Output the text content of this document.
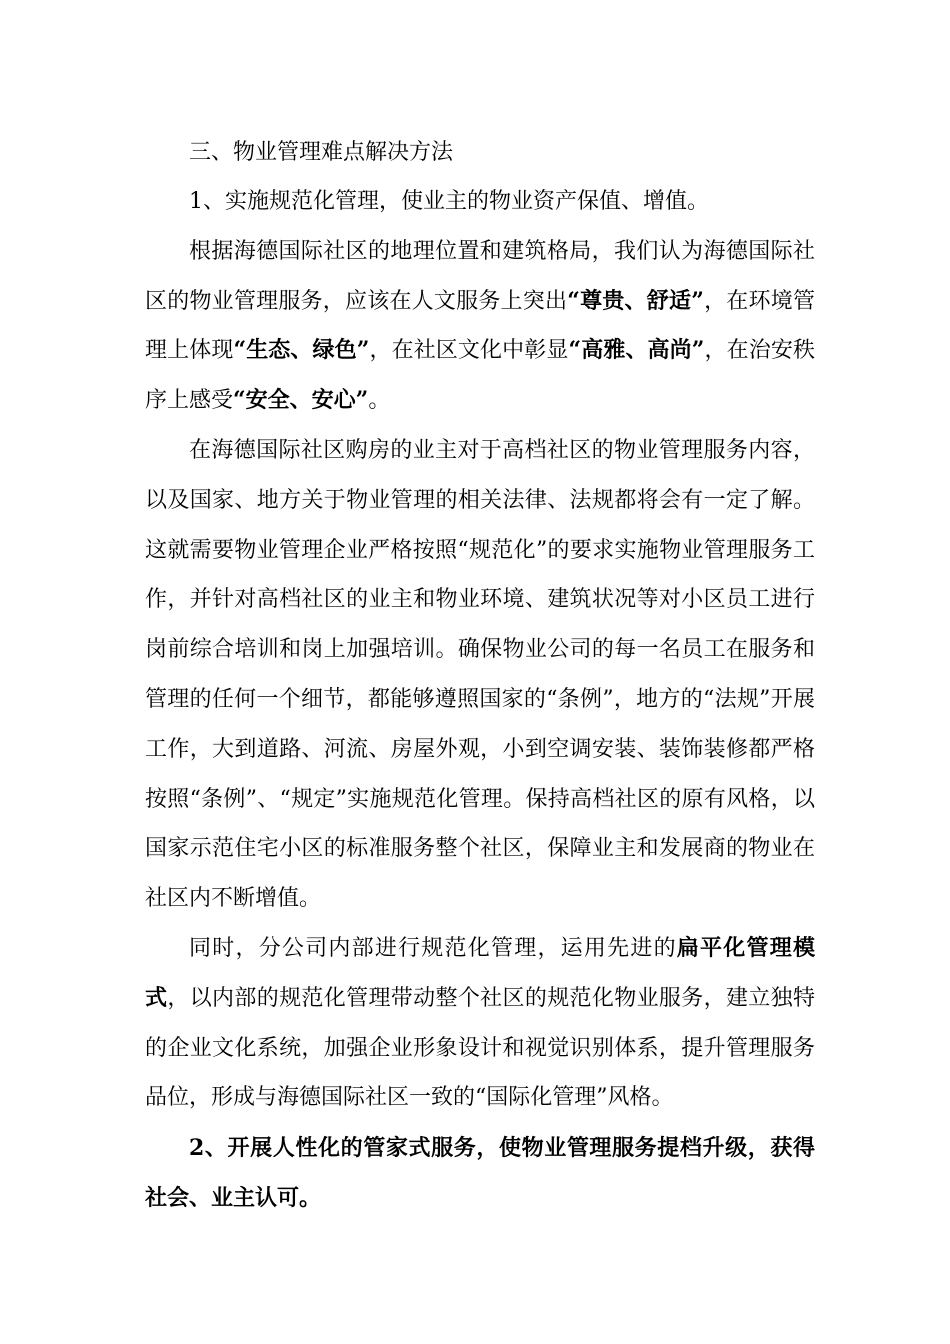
三、物业管理难点解决方法

1、实施规范化管理，使业主的物业资产保值、增值。

根据海德国际社区的地理位置和建筑格局，我们认为海德国际社区的物业管理服务，应该在人文服务上突出“尊贵、舒适”，在环境管理上体现“生态、绿色”，在社区文化中彰显“高雅、高尚”，在治安秩序上感受“安全、安心”。

在海德国际社区购房的业主对于高档社区的物业管理服务内容，以及国家、地方关于物业管理的相关法律、法规都将会有一定了解。这就需要物业管理企业严格按照“规范化”的要求实施物业管理服务工作，并针对高档社区的业主和物业环境、建筑状况等对小区员工进行岗前综合培训和岗上加强培训。确保物业公司的每一名员工在服务和管理的任何一个细节，都能够遵照国家的“条例”，地方的“法规”开展工作，大到道路、河流、房屋外观，小到空调安装、装饰装修都严格按照“条例”、“规定”实施规范化管理。保持高档社区的原有风格，以国家示范住宅小区的标准服务整个社区，保障业主和发展商的物业在社区内不断增值。

同时，分公司内部进行规范化管理，运用先进的扁平化管理模式，以内部的规范化管理带动整个社区的规范化物业服务，建立独特的企业文化系统，加强企业形象设计和视觉识别体系，提升管理服务品位，形成与海德国际社区一致的“国际化管理”风格。

2、开展人性化的管家式服务，使物业管理服务提档升级，获得社会、业主认可。
